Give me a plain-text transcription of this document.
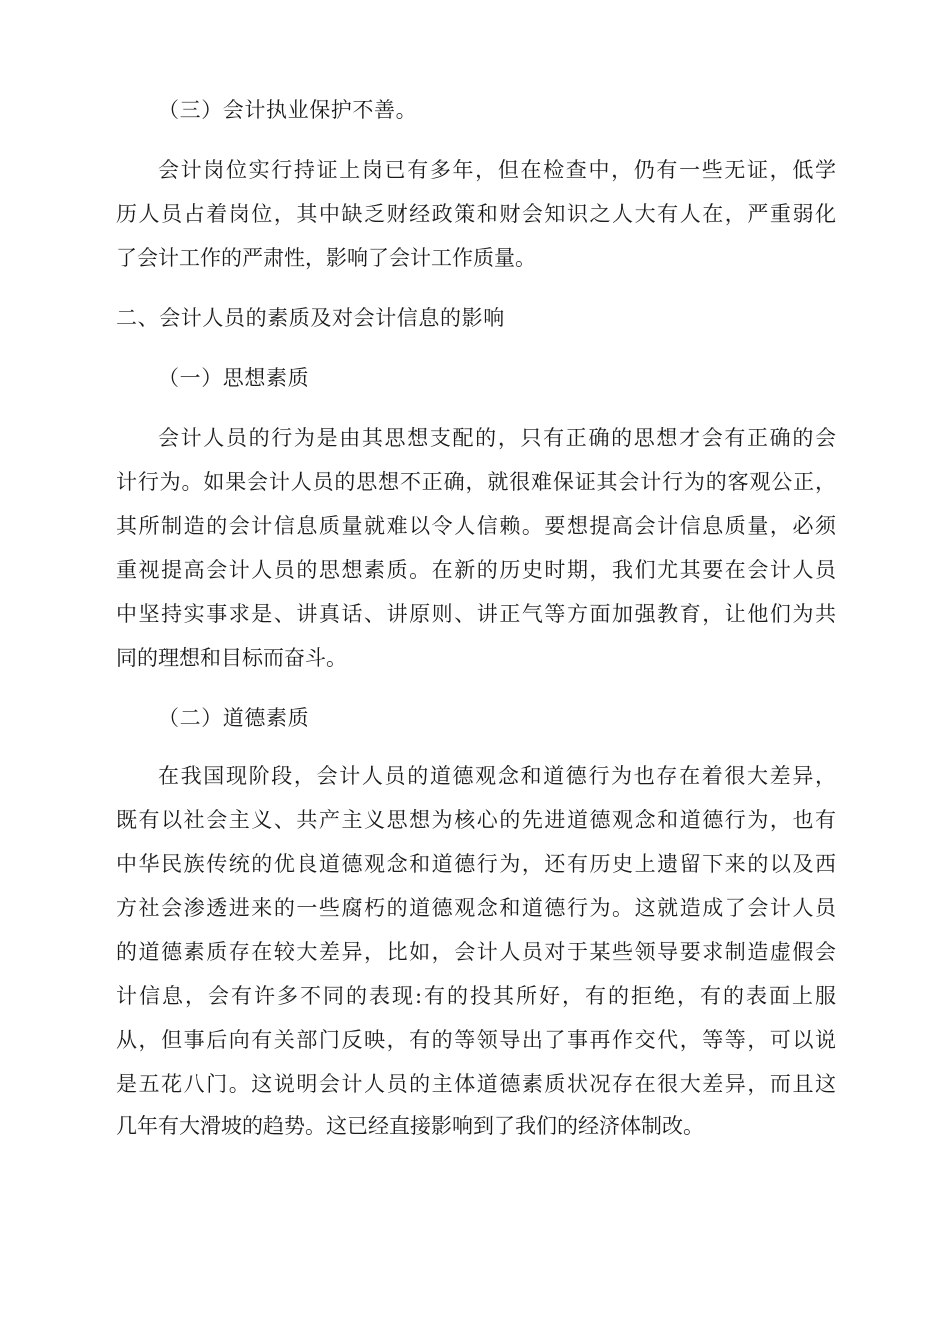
（三）会计执业保护不善。
会计岗位实行持证上岗已有多年，但在检查中，仍有一些无证，低学
历人员占着岗位，其中缺乏财经政策和财会知识之人大有人在，严重弱化
了会计工作的严肃性，影响了会计工作质量。
二、会计人员的素质及对会计信息的影响
（一）思想素质
会计人员的行为是由其思想支配的，只有正确的思想才会有正确的会
计行为。如果会计人员的思想不正确，就很难保证其会计行为的客观公正，
其所制造的会计信息质量就难以令人信赖。要想提高会计信息质量，必须
重视提高会计人员的思想素质。在新的历史时期，我们尤其要在会计人员
中坚持实事求是、讲真话、讲原则、讲正气等方面加强教育，让他们为共
同的理想和目标而奋斗。
（二）道德素质
在我国现阶段，会计人员的道德观念和道德行为也存在着很大差异，
既有以社会主义、共产主义思想为核心的先进道德观念和道德行为，也有
中华民族传统的优良道德观念和道德行为，还有历史上遗留下来的以及西
方社会渗透进来的一些腐朽的道德观念和道德行为。这就造成了会计人员
的道德素质存在较大差异，比如，会计人员对于某些领导要求制造虚假会
计信息，会有许多不同的表现:有的投其所好，有的拒绝，有的表面上服
从，但事后向有关部门反映，有的等领导出了事再作交代，等等，可以说
是五花八门。这说明会计人员的主体道德素质状况存在很大差异，而且这
几年有大滑坡的趋势。这已经直接影响到了我们的经济体制改。
